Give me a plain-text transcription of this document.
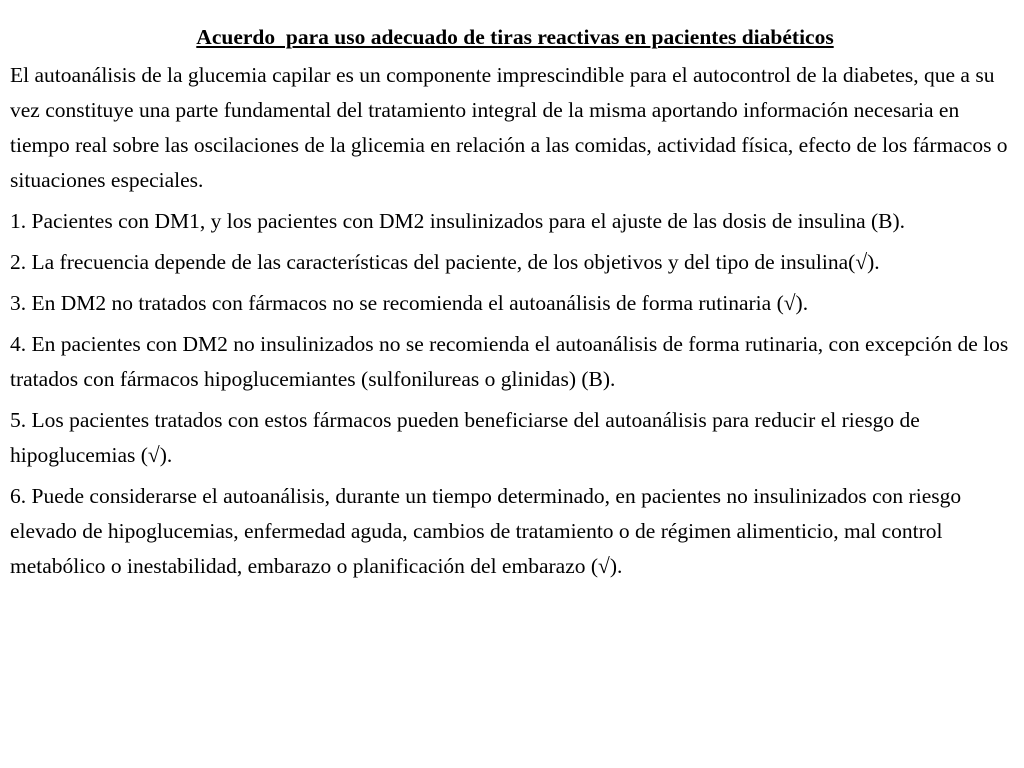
Acuerdo  para uso adecuado de tiras reactivas en pacientes diabéticos

El autoanálisis de la glucemia capilar es un componente imprescindible para el autocontrol de la diabetes, que a su vez constituye una parte fundamental del tratamiento integral de la misma aportando información necesaria en tiempo real sobre las oscilaciones de la glicemia en relación a las comidas, actividad física, efecto de los fármacos o situaciones especiales.

1. Pacientes con DM1, y los pacientes con DM2 insulinizados para el ajuste de las dosis de insulina (B).

2. La frecuencia depende de las características del paciente, de los objetivos y del tipo de insulina(√).

3. En DM2 no tratados con fármacos no se recomienda el autoanálisis de forma rutinaria (√).

4. En pacientes con DM2 no insulinizados no se recomienda el autoanálisis de forma rutinaria, con excepción de los tratados con fármacos hipoglucemiantes (sulfonilureas o glinidas) (B).

5. Los pacientes tratados con estos fármacos pueden beneficiarse del autoanálisis para reducir el riesgo de hipoglucemias (√).

6. Puede considerarse el autoanálisis, durante un tiempo determinado, en pacientes no insulinizados con riesgo elevado de hipoglucemias, enfermedad aguda, cambios de tratamiento o de régimen alimenticio, mal control metabólico o inestabilidad, embarazo o planificación del embarazo (√).
